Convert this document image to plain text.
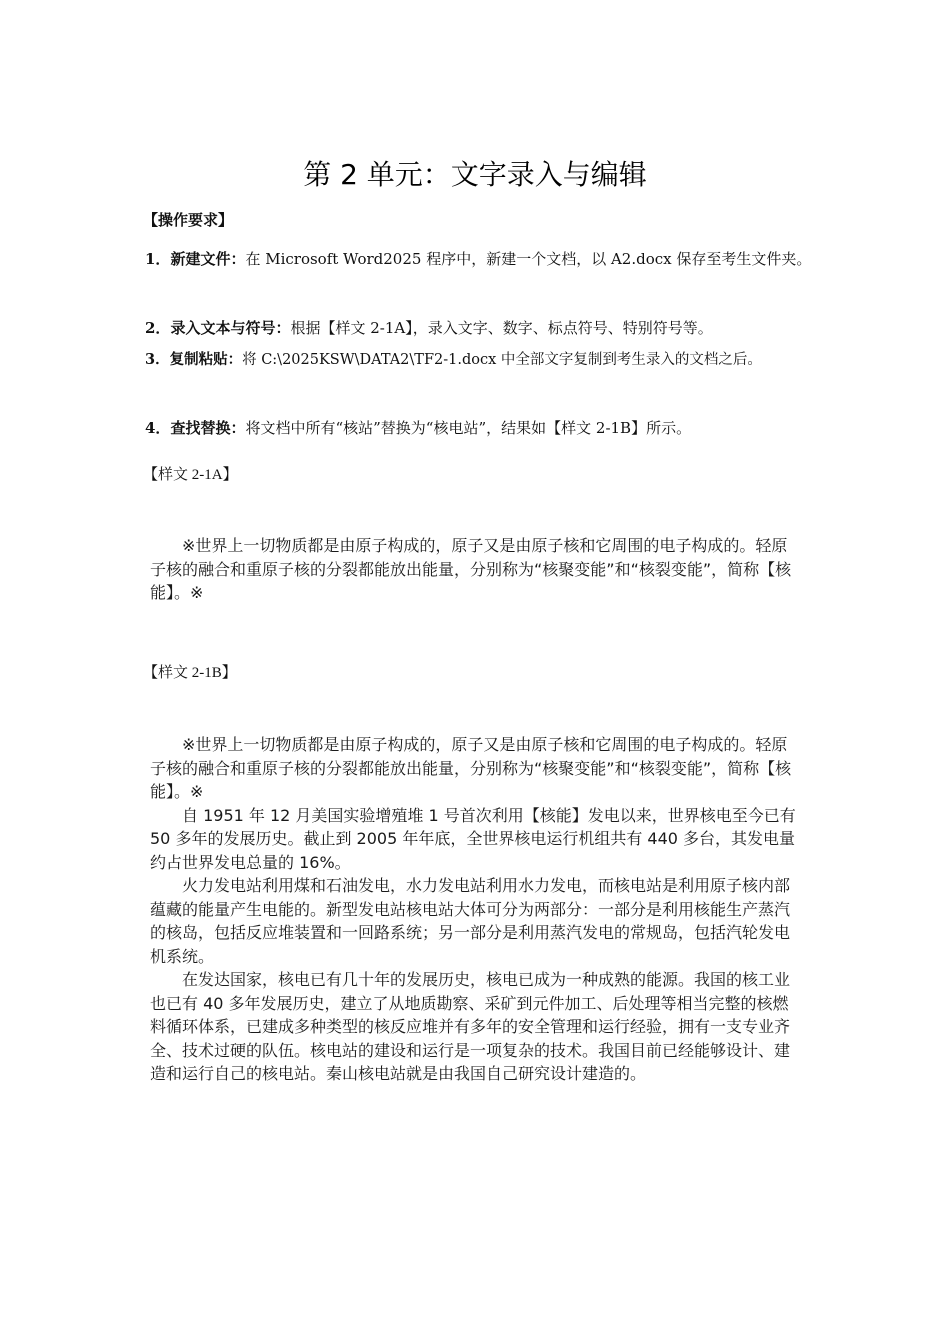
第 2 单元：文字录入与编辑
【操作要求】

1．新建文件：在 Microsoft Word2025 程序中，新建一个文档，以 A2.docx 保存至考生文件夹。

2．录入文本与符号：根据【样文 2-1A】，录入文字、数字、标点符号、特别符号等。

3．复制粘贴：将 C:\2025KSW\DATA2\TF2-1.docx 中全部文字复制到考生录入的文档之后。

4．查找替换：将文档中所有“核站”替换为“核电站”，结果如【样文 2-1B】所示。

【样文 2-1A】

※世界上一切物质都是由原子构成的，原子又是由原子核和它周围的电子构成的。轻原子核的融合和重原子核的分裂都能放出能量，分别称为“核聚变能”和“核裂变能”，简称【核能】。※

【样文 2-1B】

※世界上一切物质都是由原子构成的，原子又是由原子核和它周围的电子构成的。轻原子核的融合和重原子核的分裂都能放出能量，分别称为“核聚变能”和“核裂变能”，简称【核能】。※

自 1951 年 12 月美国实验增殖堆 1 号首次利用【核能】发电以来，世界核电至今已有 50 多年的发展历史。截止到 2005 年年底，全世界核电运行机组共有 440 多台，其发电量约占世界发电总量的 16%。

火力发电站利用煤和石油发电，水力发电站利用水力发电，而核电站是利用原子核内部蕴藏的能量产生电能的。新型发电站核电站大体可分为两部分：一部分是利用核能生产蒸汽的核岛，包括反应堆装置和一回路系统；另一部分是利用蒸汽发电的常规岛，包括汽轮发电机系统。

在发达国家，核电已有几十年的发展历史，核电已成为一种成熟的能源。我国的核工业也已有 40 多年发展历史，建立了从地质勘察、采矿到元件加工、后处理等相当完整的核燃料循环体系，已建成多种类型的核反应堆并有多年的安全管理和运行经验，拥有一支专业齐全、技术过硬的队伍。核电站的建设和运行是一项复杂的技术。我国目前已经能够设计、建造和运行自己的核电站。秦山核电站就是由我国自己研究设计建造的。
